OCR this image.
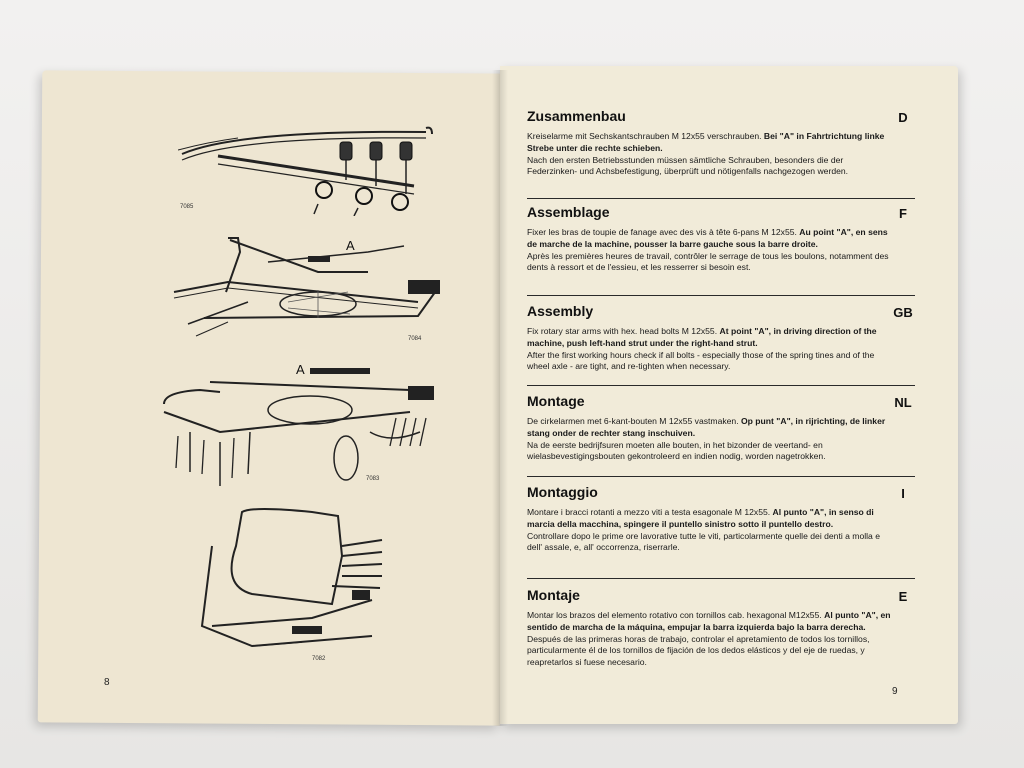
7085
A
7084
A
7083
7082
8
Zusammenbau	D
Kreiselarme mit Sechskantschrauben M 12x55 verschrauben. Bei "A" in Fahrtrichtung linke Strebe unter die rechte schieben.
Nach den ersten Betriebsstunden müssen sämtliche Schrauben, besonders die der Federzinken- und Achsbefestigung, überprüft und nötigenfalls nachgezogen werden.
Assemblage	F
Fixer les bras de toupie de fanage avec des vis à tête 6-pans M 12x55. Au point "A", en sens de marche de la machine, pousser la barre gauche sous la barre droite.
Après les premières heures de travail, contrôler le serrage de tous les boulons, notamment des dents à ressort et de l'essieu, et les resserrer si besoin est.
Assembly	GB
Fix rotary star arms with hex. head bolts M 12x55. At point "A", in driving direction of the machine, push left-hand strut under the right-hand strut.
After the first working hours check if all bolts - especially those of the spring tines and of the wheel axle - are tight, and re-tighten when necessary.
Montage	NL
De cirkelarmen met 6-kant-bouten M 12x55 vastmaken. Op punt "A", in rijrichting, de linker stang onder de rechter stang inschuiven.
Na de eerste bedrijfsuren moeten alle bouten, in het bizonder de veertand- en wielasbevestigingsbouten gekontroleerd en indien nodig, worden nagetrokken.
Montaggio	I
Montare i bracci rotanti a mezzo viti a testa esagonale M 12x55. Al punto "A", in senso di marcia della macchina, spingere il puntello sinistro sotto il puntello destro.
Controllare dopo le prime ore lavorative tutte le viti, particolarmente quelle dei denti a molla e dell' assale, e, all' occorrenza, riserrarle.
Montaje	E
Montar los brazos del elemento rotativo con tornillos cab. hexagonal M12x55. Al punto "A", en sentido de marcha de la máquina, empujar la barra izquierda bajo la barra derecha.
Después de las primeras horas de trabajo, controlar el apretamiento de todos los tornillos, particularmente él de los tornillos de fijación de los dedos elásticos y del eje de ruedas, y reapretarlos si fuese necesario.
9
